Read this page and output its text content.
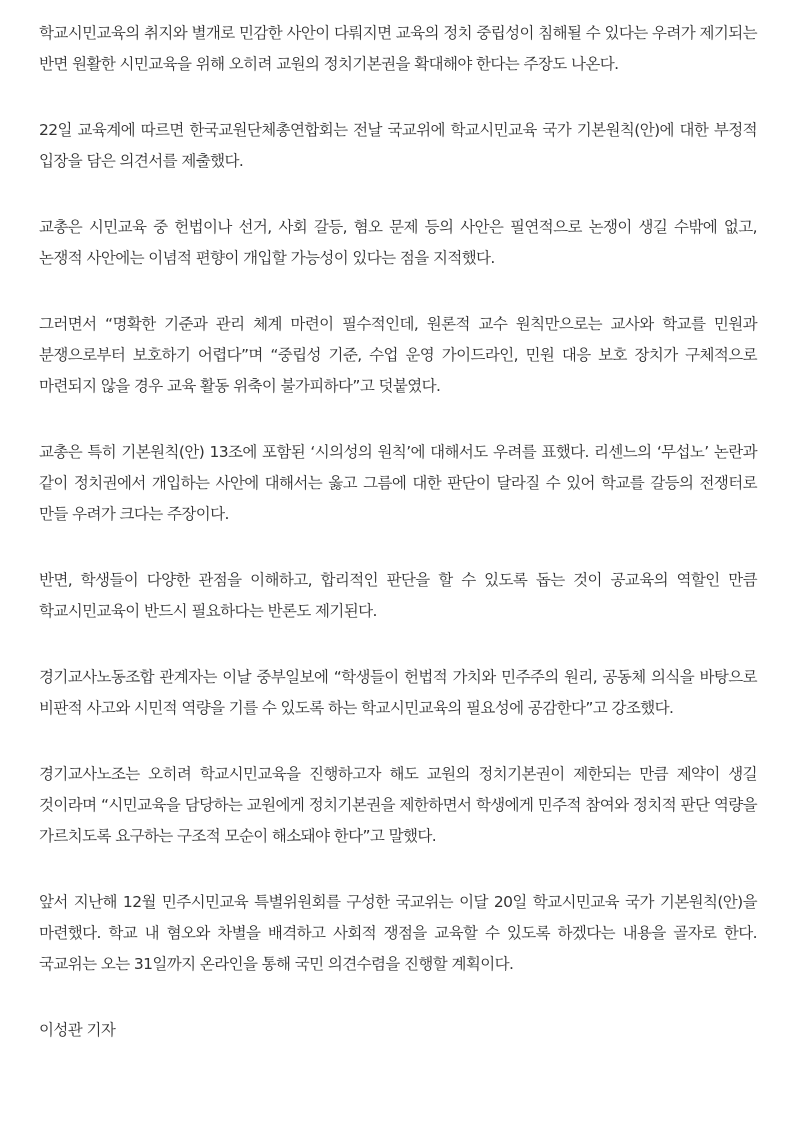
학교시민교육의 취지와 별개로 민감한 사안이 다뤄지면 교육의 정치 중립성이 침해될 수 있다는 우려가 제기되는 반면 원활한 시민교육을 위해 오히려 교원의 정치기본권을 확대해야 한다는 주장도 나온다.

22일 교육계에 따르면 한국교원단체총연합회는 전날 국교위에 학교시민교육 국가 기본원칙(안)에 대한 부정적 입장을 담은 의견서를 제출했다.

교총은 시민교육 중 헌법이나 선거, 사회 갈등, 혐오 문제 등의 사안은 필연적으로 논쟁이 생길 수밖에 없고, 논쟁적 사안에는 이념적 편향이 개입할 가능성이 있다는 점을 지적했다.

그러면서 “명확한 기준과 관리 체계 마련이 필수적인데, 원론적 교수 원칙만으로는 교사와 학교를 민원과 분쟁으로부터 보호하기 어렵다”며 “중립성 기준, 수업 운영 가이드라인, 민원 대응 보호 장치가 구체적으로 마련되지 않을 경우 교육 활동 위축이 불가피하다”고 덧붙였다.

교총은 특히 기본원칙(안) 13조에 포함된 ‘시의성의 원칙’에 대해서도 우려를 표했다. 리센느의 ‘무섭노’ 논란과 같이 정치권에서 개입하는 사안에 대해서는 옳고 그름에 대한 판단이 달라질 수 있어 학교를 갈등의 전쟁터로 만들 우려가 크다는 주장이다.

반면, 학생들이 다양한 관점을 이해하고, 합리적인 판단을 할 수 있도록 돕는 것이 공교육의 역할인 만큼 학교시민교육이 반드시 필요하다는 반론도 제기된다.

경기교사노동조합 관계자는 이날 중부일보에 “학생들이 헌법적 가치와 민주주의 원리, 공동체 의식을 바탕으로 비판적 사고와 시민적 역량을 기를 수 있도록 하는 학교시민교육의 필요성에 공감한다”고 강조했다.

경기교사노조는 오히려 학교시민교육을 진행하고자 해도 교원의 정치기본권이 제한되는 만큼 제약이 생길 것이라며 “시민교육을 담당하는 교원에게 정치기본권을 제한하면서 학생에게 민주적 참여와 정치적 판단 역량을 가르치도록 요구하는 구조적 모순이 해소돼야 한다”고 말했다.

앞서 지난해 12월 민주시민교육 특별위원회를 구성한 국교위는 이달 20일 학교시민교육 국가 기본원칙(안)을 마련했다. 학교 내 혐오와 차별을 배격하고 사회적 쟁점을 교육할 수 있도록 하겠다는 내용을 골자로 한다. 국교위는 오는 31일까지 온라인을 통해 국민 의견수렴을 진행할 계획이다.

이성관 기자
